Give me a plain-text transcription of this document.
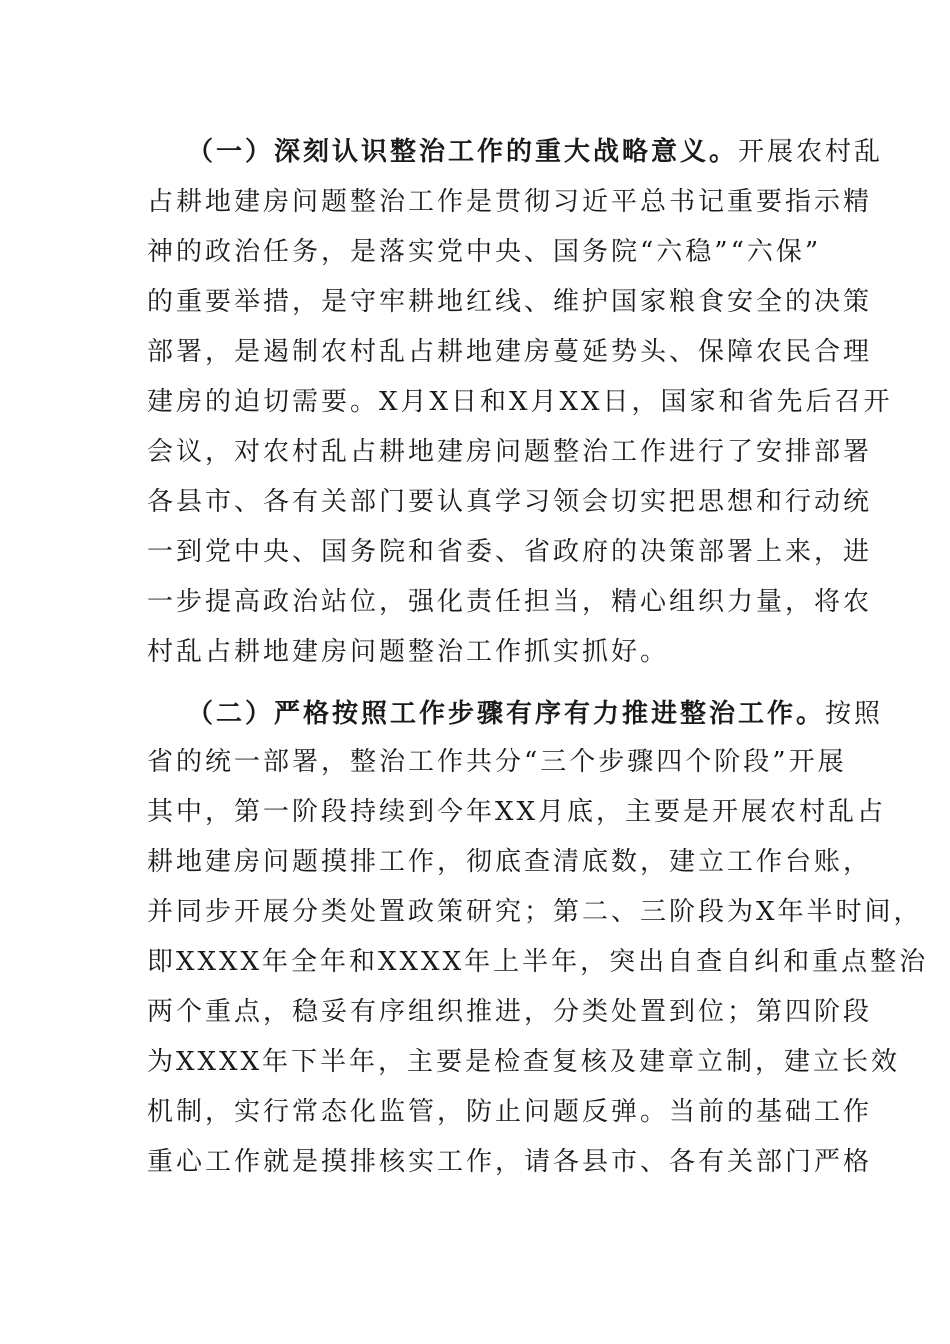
（一）深刻认识整治工作的重大战略意义。开展农村乱
占耕地建房问题整治工作是贯彻习近平总书记重要指示精
神的政治任务，是落实党中央、国务院“六稳”“六保”
的重要举措，是守牢耕地红线、维护国家粮食安全的决策
部署，是遏制农村乱占耕地建房蔓延势头、保障农民合理
建房的迫切需要。X月X日和X月XX日，国家和省先后召开
会议，对农村乱占耕地建房问题整治工作进行了安排部署
各县市、各有关部门要认真学习领会切实把思想和行动统
一到党中央、国务院和省委、省政府的决策部署上来，进
一步提高政治站位，强化责任担当，精心组织力量，将农
村乱占耕地建房问题整治工作抓实抓好。
（二）严格按照工作步骤有序有力推进整治工作。按照
省的统一部署，整治工作共分“三个步骤四个阶段”开展
其中，第一阶段持续到今年XX月底，主要是开展农村乱占
耕地建房问题摸排工作，彻底查清底数，建立工作台账，
并同步开展分类处置政策研究；第二、三阶段为X年半时间，
即XXXX年全年和XXXX年上半年，突出自查自纠和重点整治
两个重点，稳妥有序组织推进，分类处置到位；第四阶段
为XXXX年下半年，主要是检查复核及建章立制，建立长效
机制，实行常态化监管，防止问题反弹。当前的基础工作
重心工作就是摸排核实工作，请各县市、各有关部门严格
